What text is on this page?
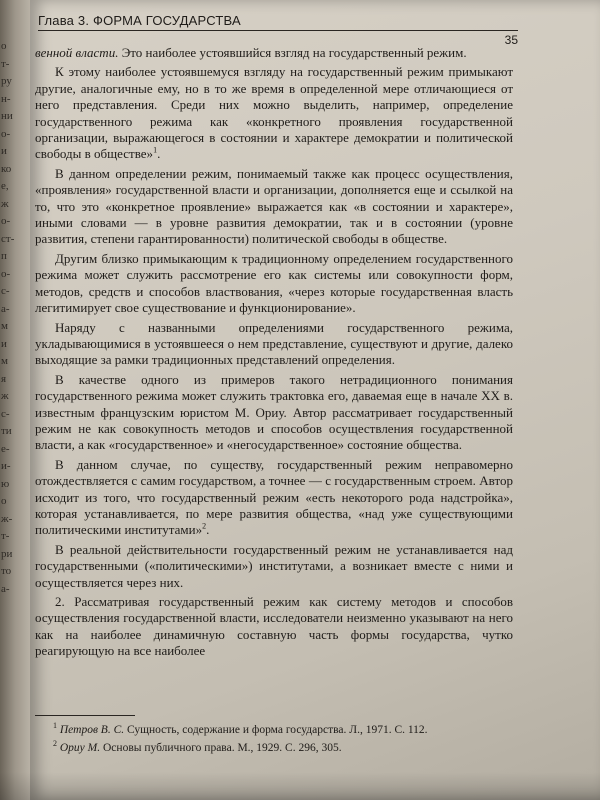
о
т-
ру
н-
ни
о-
и
ко
е,
ж
о-
ст-
п
о-
с-
а-
м
и
м
я
ж
с-
ти
е-
и-
ю
о
ж-
т-
ри
то
а-
Глава 3. ФОРМА ГОСУДАРСТВА
35

венной власти. Это наиболее устоявшийся взгляд на государственный режим.

К этому наиболее устоявшемуся взгляду на государственный режим примыкают другие, аналогичные ему, но в то же время в определенной мере отличающиеся от него представления. Среди них можно выделить, например, определение государственного режима как «конкретного проявления государственной организации, выражающегося в состоянии и характере демократии и политической свободы в обществе»$^1$.

В данном определении режим, понимаемый также как процесс осуществления, «проявления» государственной власти и организации, дополняется еще и ссылкой на то, что это «конкретное проявление» выражается как «в состоянии и характере», иными словами — в уровне развития демократии, так и в состоянии (уровне развития, степени гарантированности) политической свободы в обществе.

Другим близко примыкающим к традиционному определением государственного режима может служить рассмотрение его как системы или совокупности форм, методов, средств и способов властвования, «через которые государственная власть легитимирует свое существование и функционирование».

Наряду с названными определениями государственного режима, укладывающимися в устоявшееся о нем представление, существуют и другие, далеко выходящие за рамки традиционных представлений определения.

В качестве одного из примеров такого нетрадиционного понимания государственного режима может служить трактовка его, даваемая еще в начале XX в. известным французским юристом М. Ориу. Автор рассматривает государственный режим не как совокупность методов и способов осуществления государственной власти, а как «государственное» и «негосударственное» состояние общества.

В данном случае, по существу, государственный режим неправомерно отождествляется с самим государством, а точнее — с государственным строем. Автор исходит из того, что государственный режим «есть некоторого рода надстройка», которая устанавливается, по мере развития общества, «над уже существующими политическими институтами»$^2$.

В реальной действительности государственный режим не устанавливается над государственными («политическими») институтами, а возникает вместе с ними и осуществляется через них.

2. Рассматривая государственный режим как систему методов и способов осуществления государственной власти, исследователи неизменно указывают на него как на наиболее динамичную составную часть формы государства, чутко реагирующую на все наиболее

$^1$ Петров В. С. Сущность, содержание и форма государства. Л., 1971. С. 112.

$^2$ Ориу М. Основы публичного права. М., 1929. С. 296, 305.
